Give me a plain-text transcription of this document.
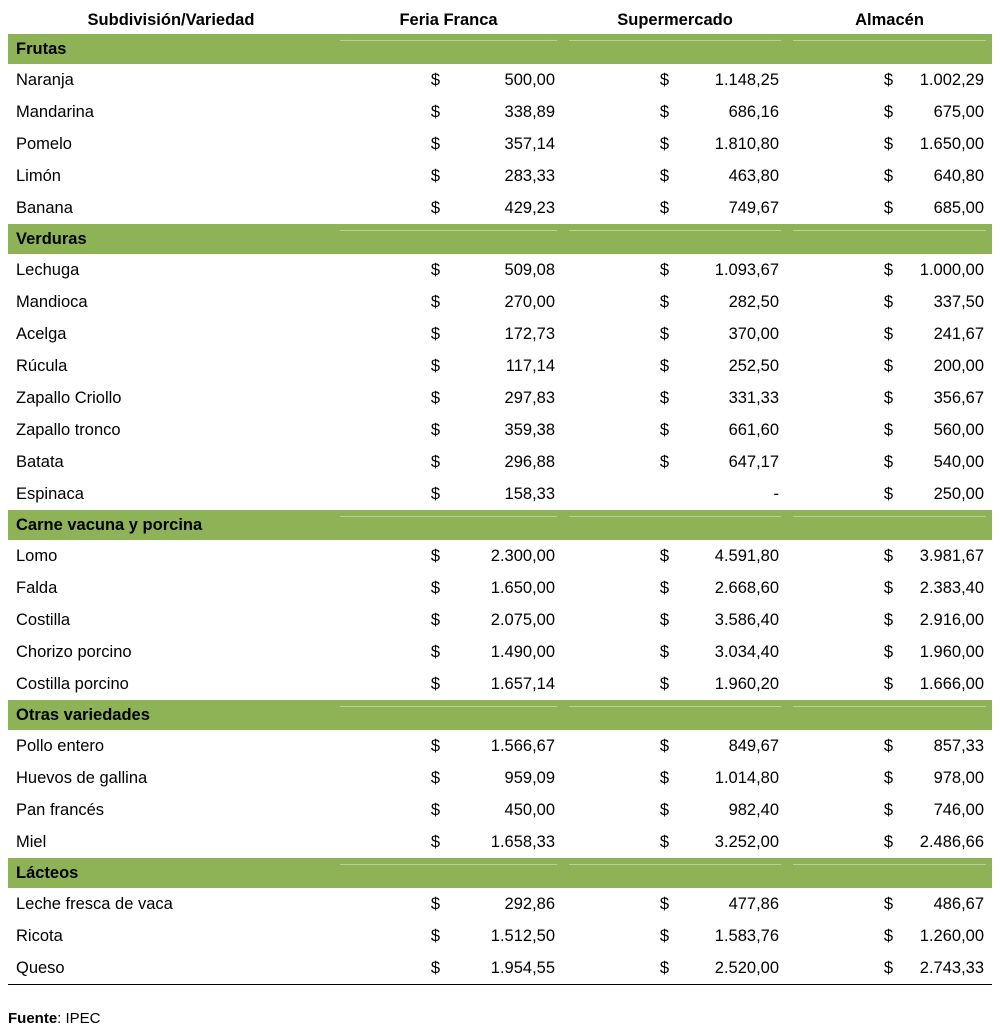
Subdivisión/Variedad	Feria Franca		Supermercado		Almacén	
Frutas				

Naranja	$	500,00	$	1.148,25	$	1.002,29
Mandarina	$	338,89	$	686,16	$	675,00
Pomelo	$	357,14	$	1.810,80	$	1.650,00
Limón	$	283,33	$	463,80	$	640,80
Banana	$	429,23	$	749,67	$	685,00
Verduras				

Lechuga	$	509,08	$	1.093,67	$	1.000,00
Mandioca	$	270,00	$	282,50	$	337,50
Acelga	$	172,73	$	370,00	$	241,67
Rúcula	$	117,14	$	252,50	$	200,00
Zapallo Criollo	$	297,83	$	331,33	$	356,67
Zapallo tronco	$	359,38	$	661,60	$	560,00
Batata	$	296,88	$	647,17	$	540,00
Espinaca	$	158,33		-	$	250,00
Carne vacuna y porcina				

Lomo	$	2.300,00	$	4.591,80	$	3.981,67
Falda	$	1.650,00	$	2.668,60	$	2.383,40
Costilla	$	2.075,00	$	3.586,40	$	2.916,00
Chorizo porcino	$	1.490,00	$	3.034,40	$	1.960,00
Costilla porcino	$	1.657,14	$	1.960,20	$	1.666,00
Otras variedades				

Pollo entero	$	1.566,67	$	849,67	$	857,33
Huevos de gallina	$	959,09	$	1.014,80	$	978,00
Pan francés	$	450,00	$	982,40	$	746,00
Miel	$	1.658,33	$	3.252,00	$	2.486,66
Lácteos				

Leche fresca de vaca	$	292,86	$	477,86	$	486,67
Ricota	$	1.512,50	$	1.583,76	$	1.260,00
Queso	$	1.954,55	$	2.520,00	$	2.743,33
Fuente: IPEC
